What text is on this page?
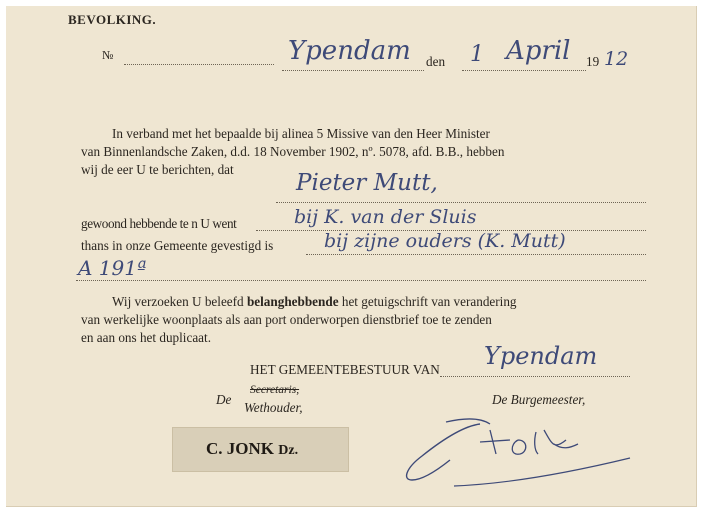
BEVOLKING.
№	Ypendam den 1 April 19 12
In verband met het bepaalde bij alinea 5 Missive van den Heer Minister
van Binnenlandsche Zaken, d.d. 18 November 1902, nº. 5078, afd. B.B., hebben
wij de eer U te berichten, dat
Pieter Mutt,
gewoond hebbende te n U went	bij K. van der Sluis
thans in onze Gemeente gevestigd is	bij zijne ouders (K. Mutt)
A 191ª
Wij verzoeken U beleefd belanghebbende het getuigschrift van verandering
van werkelijke woonplaats als aan port onderworpen dienstbrief toe te zenden
en aan ons het duplicaat.
HET GEMEENTEBESTUUR VAN Ypendam
De
Secretaris,
Wethouder,
De Burgemeester,
C. JONK Dz.
